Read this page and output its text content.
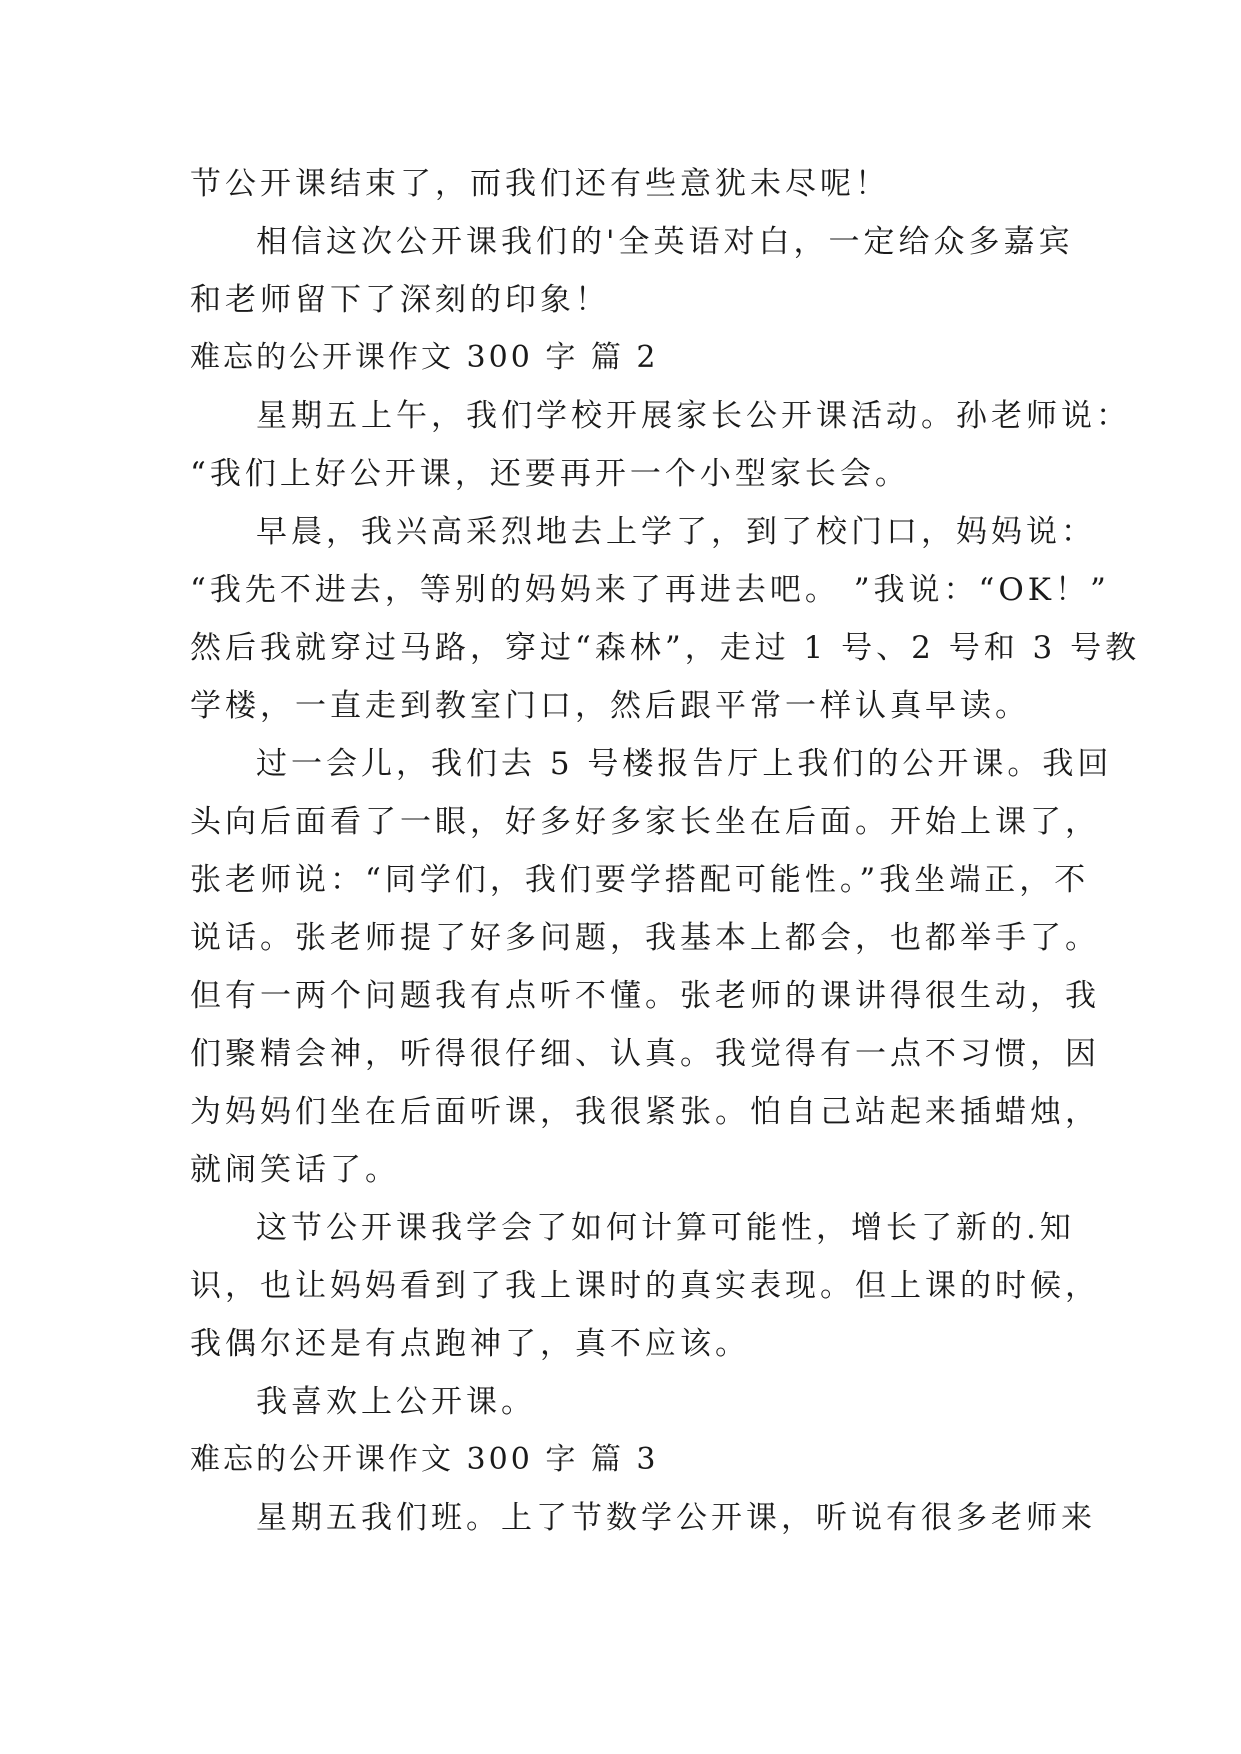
节公开课结束了，而我们还有些意犹未尽呢！
相信这次公开课我们的'全英语对白，一定给众多嘉宾
和老师留下了深刻的印象！
难忘的公开课作文 300 字 篇 2
星期五上午，我们学校开展家长公开课活动。孙老师说：
“我们上好公开课，还要再开一个小型家长会。
早晨，我兴高采烈地去上学了，到了校门口，妈妈说：
“我先不进去，等别的妈妈来了再进去吧。 ”我说：“OK！”
然后我就穿过马路，穿过“森林”，走过 1 号、2 号和 3 号教
学楼，一直走到教室门口，然后跟平常一样认真早读。
过一会儿，我们去 5 号楼报告厅上我们的公开课。我回
头向后面看了一眼，好多好多家长坐在后面。开始上课了，
张老师说：“同学们，我们要学搭配可能性。”我坐端正，不
说话。张老师提了好多问题，我基本上都会，也都举手了。
但有一两个问题我有点听不懂。张老师的课讲得很生动，我
们聚精会神，听得很仔细、认真。我觉得有一点不习惯，因
为妈妈们坐在后面听课，我很紧张。怕自己站起来插蜡烛，
就闹笑话了。
这节公开课我学会了如何计算可能性，增长了新的.知
识，也让妈妈看到了我上课时的真实表现。但上课的时候，
我偶尔还是有点跑神了，真不应该。
我喜欢上公开课。
难忘的公开课作文 300 字 篇 3
星期五我们班。上了节数学公开课，听说有很多老师来
